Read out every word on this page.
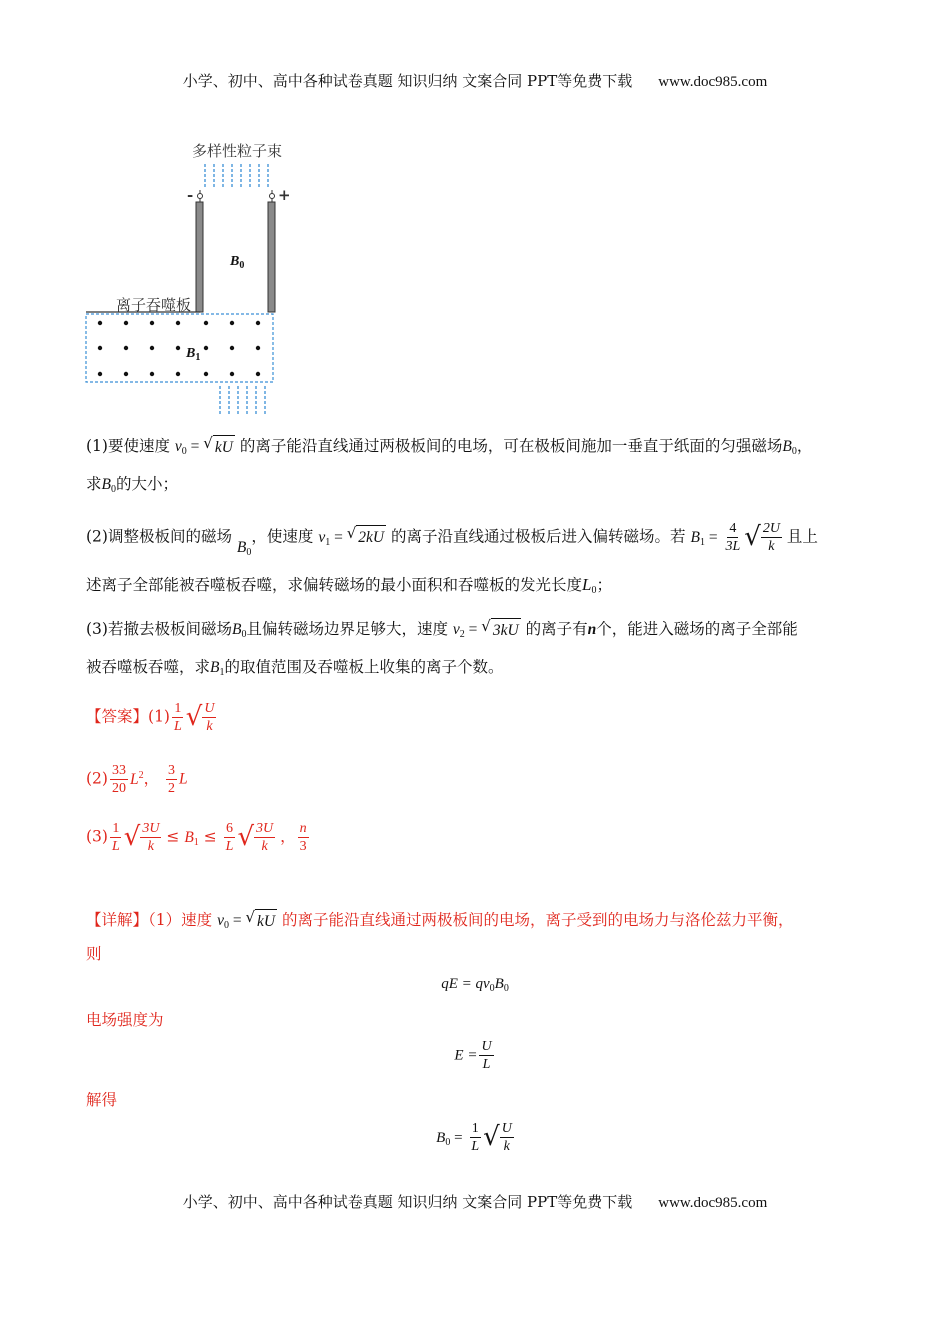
小学、初中、高中各种试卷真题 知识归纳 文案合同 PPT等免费下载 www.doc985.com
多样性粒子束
-	+
$B_0$
离子吞噬板
$B_1$
(1)要使速度 $v_0$ = √ kU 的离子能沿直线通过两极板间的电场，可在极板间施加一垂直于纸面的匀强磁场$B_0$，
求$B_0$的大小；
(2)调整极板间的磁场 $B_0$，使速度 $v_1$ = √ 2kU 的离子沿直线通过极板后进入偏转磁场。若 $B_1 = \frac{4}{3L}$ √ $\frac{2U}{k}$ 且上
述离子全部能被吞噬板吞噬，求偏转磁场的最小面积和吞噬板的发光长度$L_0$；
(3)若撤去极板间磁场$B_0$且偏转磁场边界足够大，速度 $v_2$ = √ 3kU 的离子有n个，能进入磁场的离子全部能
被吞噬板吞噬，求$B_1$的取值范围及吞噬板上收集的离子个数。
【答案】$(1) \frac{1}{L}$ √ $\frac{U}{k}$
$(2) \frac{33}{20} L^2$， $\frac{3}{2}$ L
$(3) \frac{1}{L}$ √ $\frac{3U}{k} \le B_1 \le \frac{6}{L}$ √ $\frac{3U}{k}$ ， $\frac{n}{3}$
【详解】（1）速度 $v_0$ = √ kU 的离子能沿直线通过两极板间的电场，离子受到的电场力与洛伦兹力平衡，
则
qE = $qv_0B_0$
电场强度为
$E = \frac{U}{L}$
解得
$B_0 = \frac{1}{L}$ √ $\frac{U}{k}$
小学、初中、高中各种试卷真题 知识归纳 文案合同 PPT等免费下载 www.doc985.com
